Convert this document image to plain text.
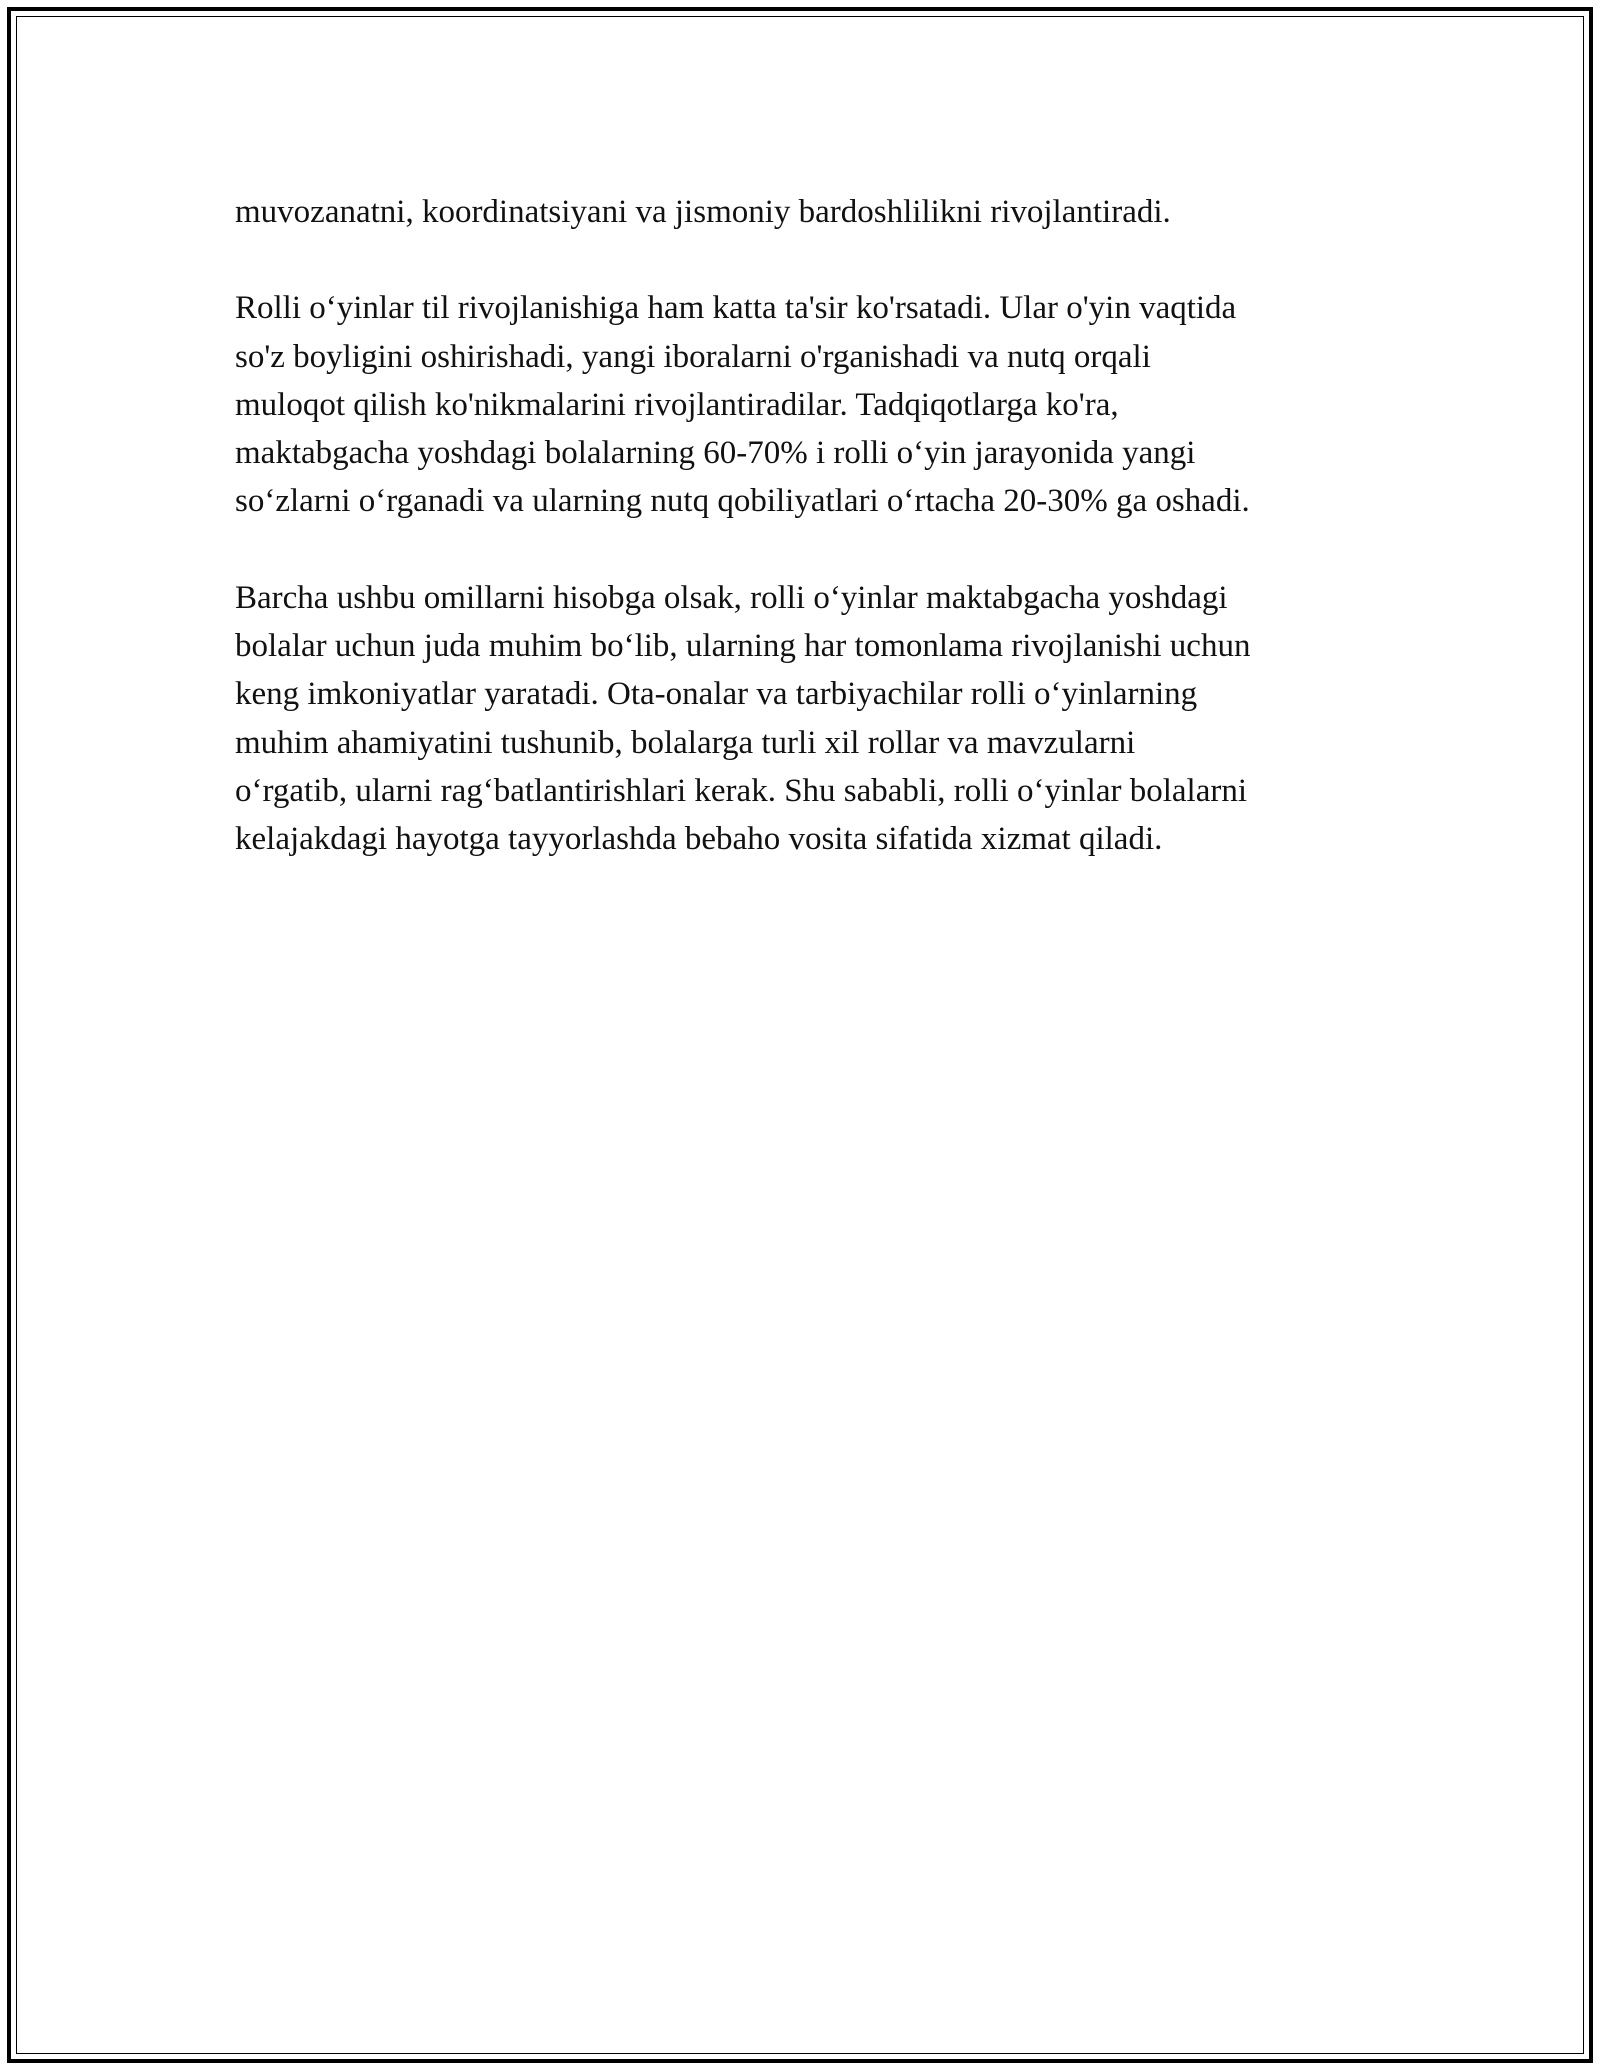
muvozanatni, koordinatsiyani va jismoniy bardoshlilikni rivojlantiradi.

Rolli o‘yinlar til rivojlanishiga ham katta ta'sir ko'rsatadi. Ular o'yin vaqtida
so'z boyligini oshirishadi, yangi iboralarni o'rganishadi va nutq orqali
muloqot qilish ko'nikmalarini rivojlantiradilar. Tadqiqotlarga ko'ra,
maktabgacha yoshdagi bolalarning 60-70% i rolli o‘yin jarayonida yangi
so‘zlarni o‘rganadi va ularning nutq qobiliyatlari o‘rtacha 20-30% ga oshadi.

Barcha ushbu omillarni hisobga olsak, rolli o‘yinlar maktabgacha yoshdagi
bolalar uchun juda muhim bo‘lib, ularning har tomonlama rivojlanishi uchun
keng imkoniyatlar yaratadi. Ota-onalar va tarbiyachilar rolli o‘yinlarning
muhim ahamiyatini tushunib, bolalarga turli xil rollar va mavzularni
o‘rgatib, ularni rag‘batlantirishlari kerak. Shu sababli, rolli o‘yinlar bolalarni
kelajakdagi hayotga tayyorlashda bebaho vosita sifatida xizmat qiladi.
